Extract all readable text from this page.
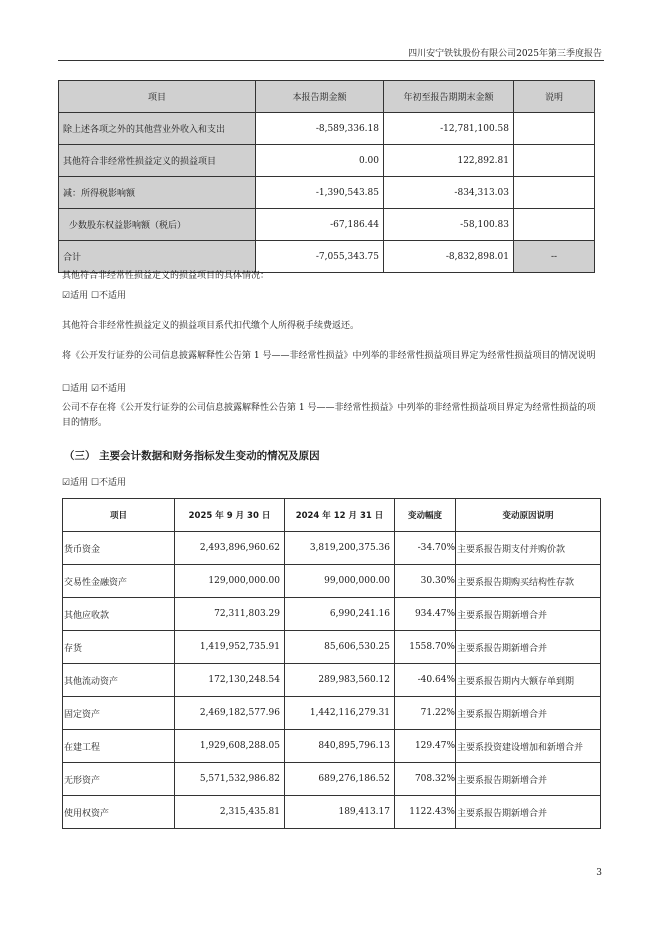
四川安宁铁钛股份有限公司2025年第三季度报告
项目	本报告期金额	年初至报告期期末金额	说明
除上述各项之外的其他营业外收入和支出	-8,589,336.18	-12,781,100.58	
其他符合非经常性损益定义的损益项目	0.00	122,892.81	
减：所得税影响额	-1,390,543.85	-834,313.03	
少数股东权益影响额（税后）	-67,186.44	-58,100.83	
合计	-7,055,343.75	-8,832,898.01	--
其他符合非经常性损益定义的损益项目的具体情况：
☑适用 ☐不适用
其他符合非经常性损益定义的损益项目系代扣代缴个人所得税手续费返还。
将《公开发行证券的公司信息披露解释性公告第 1 号——非经常性损益》中列举的非经常性损益项目界定为经常性损益项目的情况说明
☐适用 ☑不适用
公司不存在将《公开发行证券的公司信息披露解释性公告第 1 号——非经常性损益》中列举的非经常性损益项目界定为经常性损益的项目的情形。
（三） 主要会计数据和财务指标发生变动的情况及原因
☑适用 ☐不适用
项目	2025 年 9 月 30 日	2024 年 12 月 31 日	变动幅度	变动原因说明
货币资金	2,493,896,960.62	3,819,200,375.36	-34.70%	主要系报告期支付并购价款
交易性金融资产	129,000,000.00	99,000,000.00	30.30%	主要系报告期购买结构性存款
其他应收款	72,311,803.29	6,990,241.16	934.47%	主要系报告期新增合并
存货	1,419,952,735.91	85,606,530.25	1558.70%	主要系报告期新增合并
其他流动资产	172,130,248.54	289,983,560.12	-40.64%	主要系报告期内大额存单到期
固定资产	2,469,182,577.96	1,442,116,279.31	71.22%	主要系报告期新增合并
在建工程	1,929,608,288.05	840,895,796.13	129.47%	主要系投资建设增加和新增合并
无形资产	5,571,532,986.82	689,276,186.52	708.32%	主要系报告期新增合并
使用权资产	2,315,435.81	189,413.17	1122.43%	主要系报告期新增合并
3
